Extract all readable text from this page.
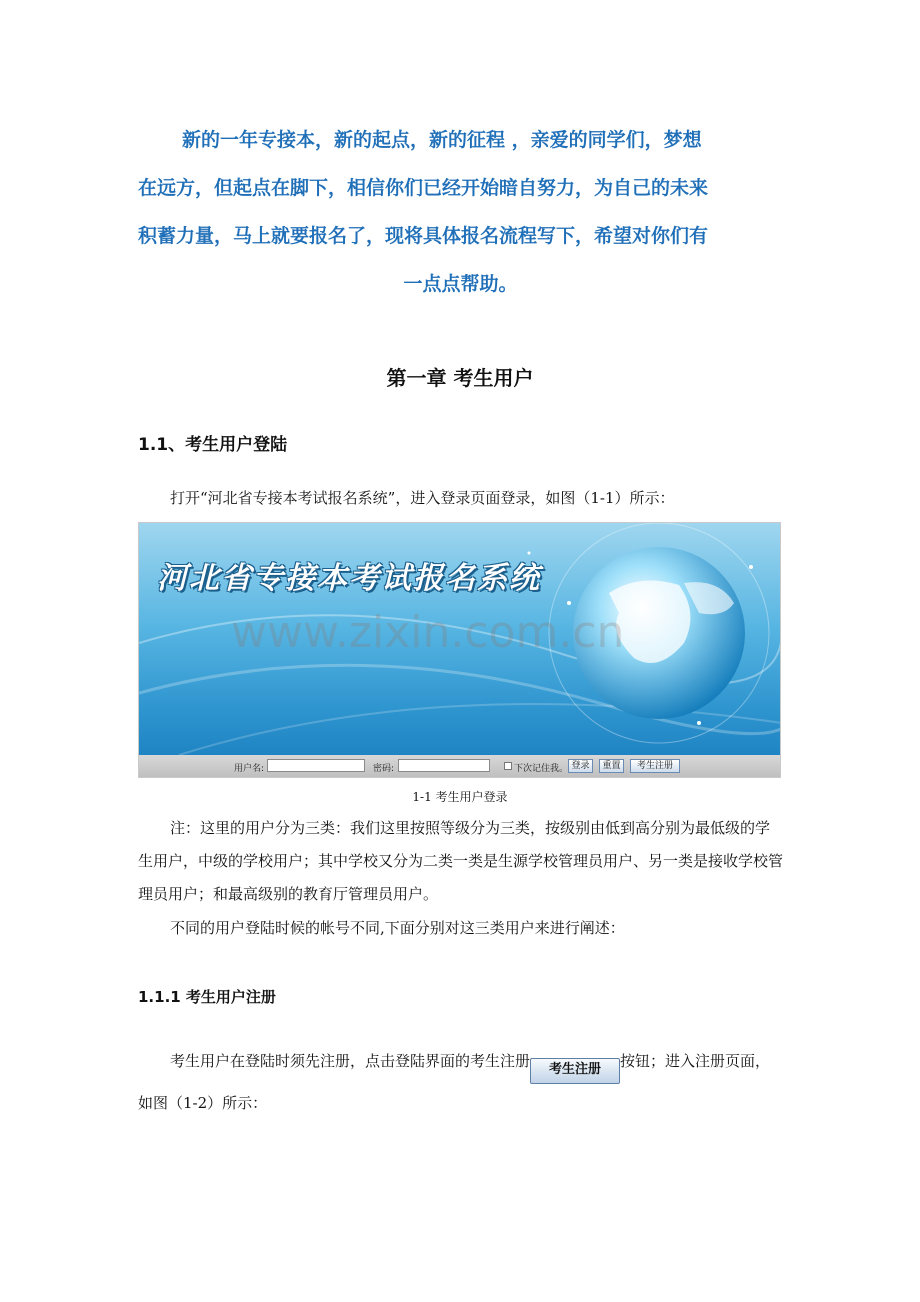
新的一年专接本，新的起点，新的征程 ，亲爱的同学们，梦想

在远方，但起点在脚下，相信你们已经开始暗自努力，为自己的未来

积蓄力量，马上就要报名了，现将具体报名流程写下，希望对你们有

一点点帮助。

第一章 考生用户
1.1、考生用户登陆

打开“河北省专接本考试报名系统”，进入登录页面登录，如图（1-1）所示：

河北省专接本考试报名系统
www.zixin.com.cn
用户名:	密码:	下次记住我。 登录	重置	考生注册
1-1 考生用户登录

注：这里的用户分为三类：我们这里按照等级分为三类，按级别由低到高分别为最低级的学生用户，中级的学校用户；其中学校又分为二类一类是生源学校管理员用户、另一类是接收学校管理员用户；和最高级别的教育厅管理员用户。

不同的用户登陆时候的帐号不同,下面分别对这三类用户来进行阐述：

1.1.1 考生用户注册

考生用户在登陆时须先注册，点击登陆界面的考生注册 考生注册 按钮；进入注册页面，如图（1-2）所示：
